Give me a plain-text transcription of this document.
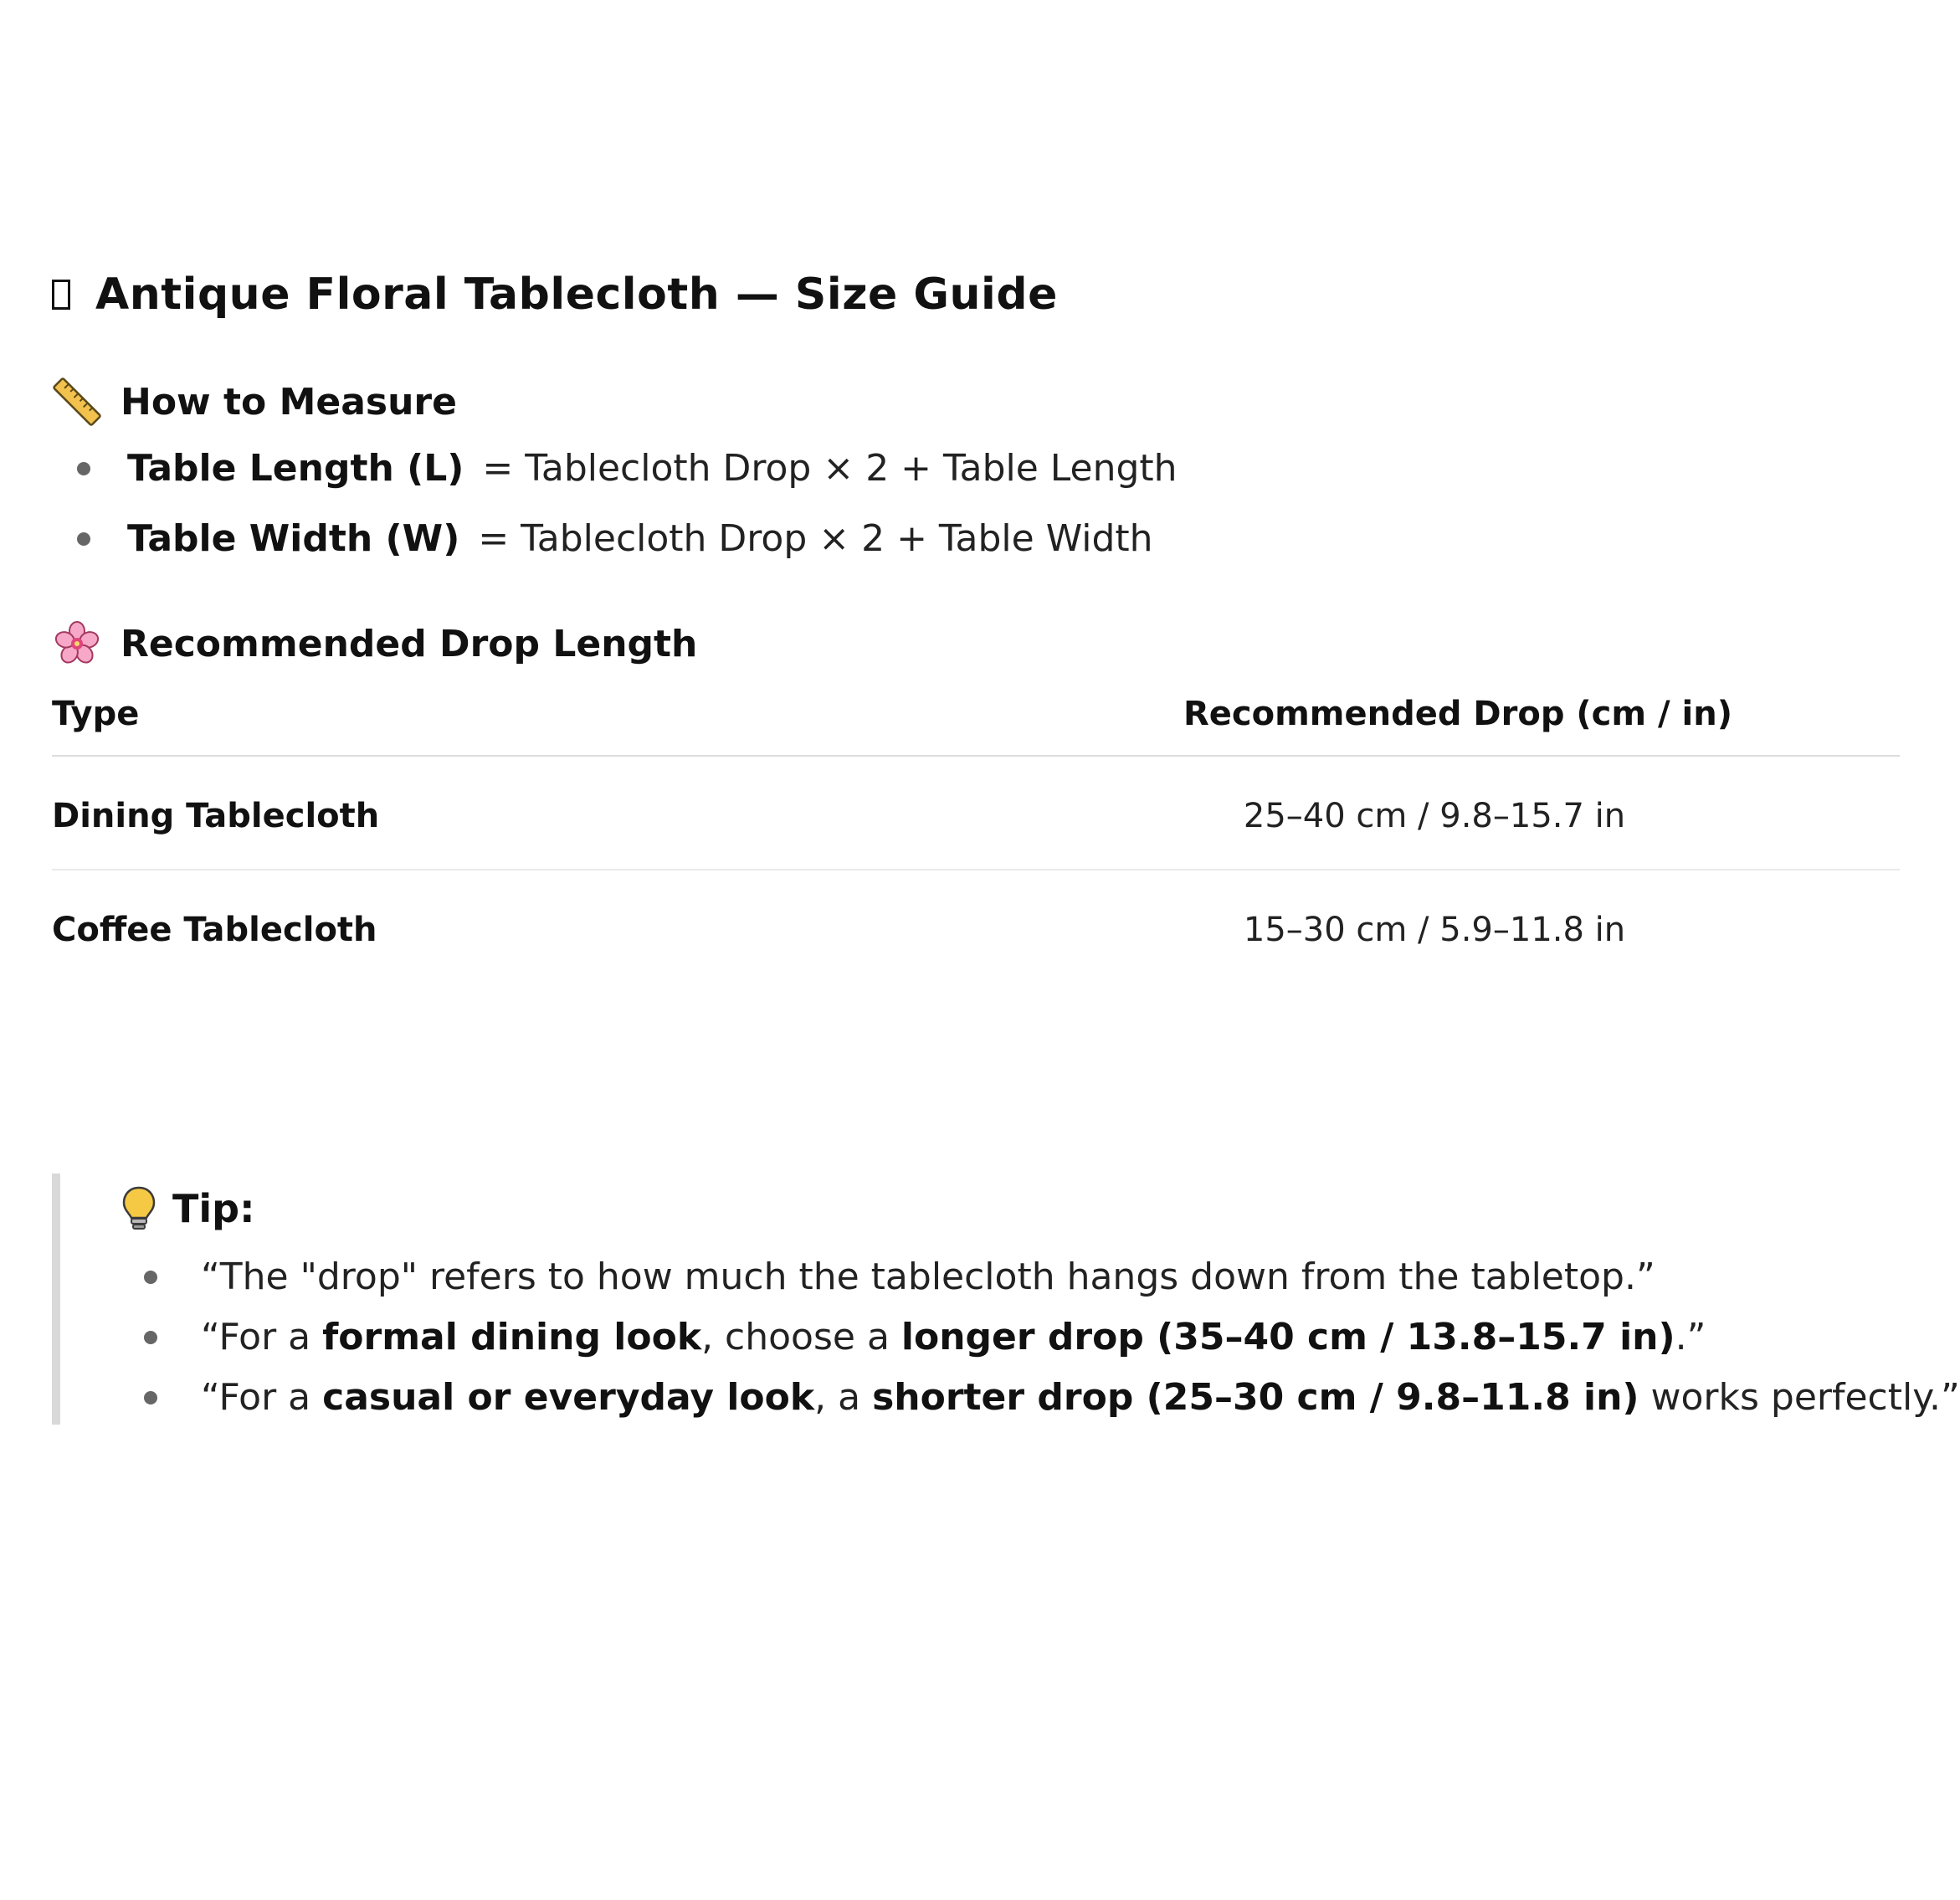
Antique Floral Tablecloth — Size Guide
How to Measure
Table Length (L) = Tablecloth Drop × 2 + Table Length
Table Width (W) = Tablecloth Drop × 2 + Table Width
Recommended Drop Length
Type	Recommended Drop (cm / in)
Dining Tablecloth	25–40 cm / 9.8–15.7 in
Coffee Tablecloth	15–30 cm / 5.9–11.8 in
Tip:
“The "drop" refers to how much the tablecloth hangs down from the tabletop.”
“For a formal dining look , choose a longer drop (35–40 cm / 13.8–15.7 in) .”
“For a casual or everyday look , a shorter drop (25–30 cm / 9.8–11.8 in) works perfectly.”
